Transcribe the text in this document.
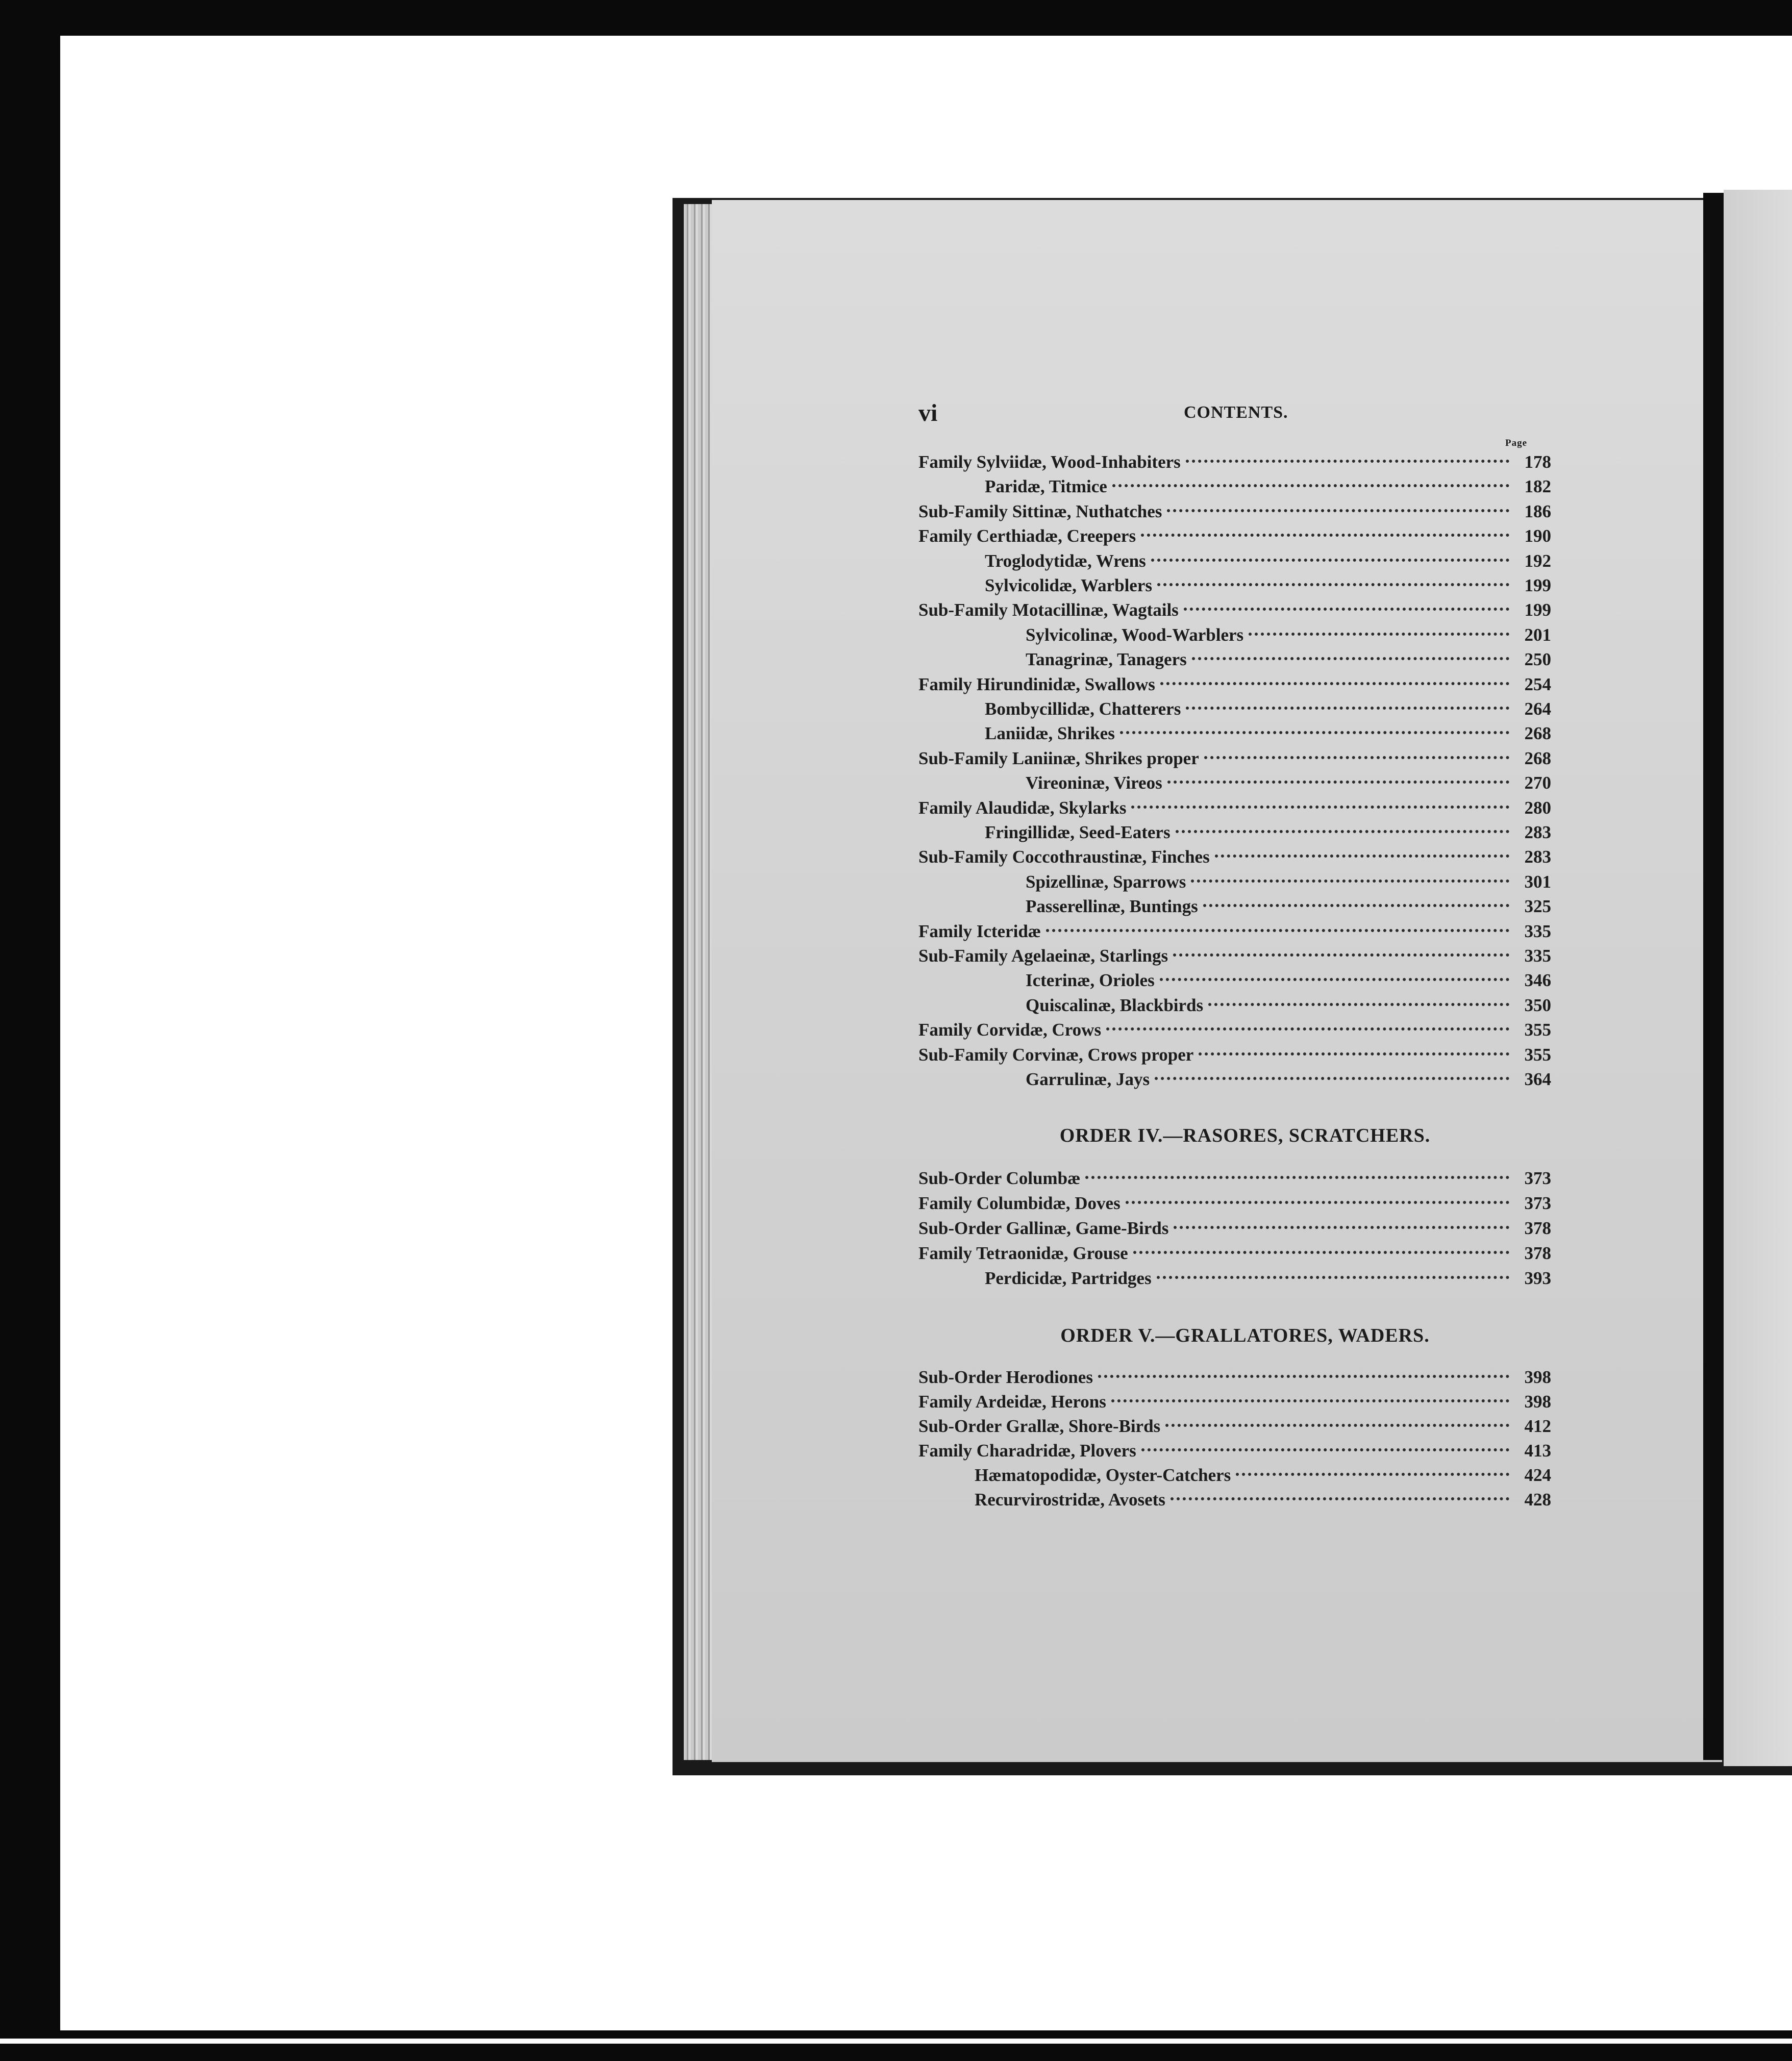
vi	CONTENTS.
Page
Family Sylviidæ, Wood-Inhabiters	178
Paridæ, Titmice	182
Sub-Family Sittinæ, Nuthatches	186
Family Certhiadæ, Creepers	190
Troglodytidæ, Wrens	192
Sylvicolidæ, Warblers	199
Sub-Family Motacillinæ, Wagtails	199
Sylvicolinæ, Wood-Warblers	201
Tanagrinæ, Tanagers	250
Family Hirundinidæ, Swallows	254
Bombycillidæ, Chatterers	264
Laniidæ, Shrikes	268
Sub-Family Laniinæ, Shrikes proper	268
Vireoninæ, Vireos	270
Family Alaudidæ, Skylarks	280
Fringillidæ, Seed-Eaters	283
Sub-Family Coccothraustinæ, Finches	283
Spizellinæ, Sparrows	301
Passerellinæ, Buntings	325
Family Icteridæ	335
Sub-Family Agelaeinæ, Starlings	335
Icterinæ, Orioles	346
Quiscalinæ, Blackbirds	350
Family Corvidæ, Crows	355
Sub-Family Corvinæ, Crows proper	355
Garrulinæ, Jays	364
ORDER IV.—RASORES, SCRATCHERS.
Sub-Order Columbæ	373
Family Columbidæ, Doves	373
Sub-Order Gallinæ, Game-Birds	378
Family Tetraonidæ, Grouse	378
Perdicidæ, Partridges	393
ORDER V.—GRALLATORES, WADERS.
Sub-Order Herodiones	398
Family Ardeidæ, Herons	398
Sub-Order Grallæ, Shore-Birds	412
Family Charadridæ, Plovers	413
Hæmatopodidæ, Oyster-Catchers	424
Recurvirostridæ, Avosets	428
